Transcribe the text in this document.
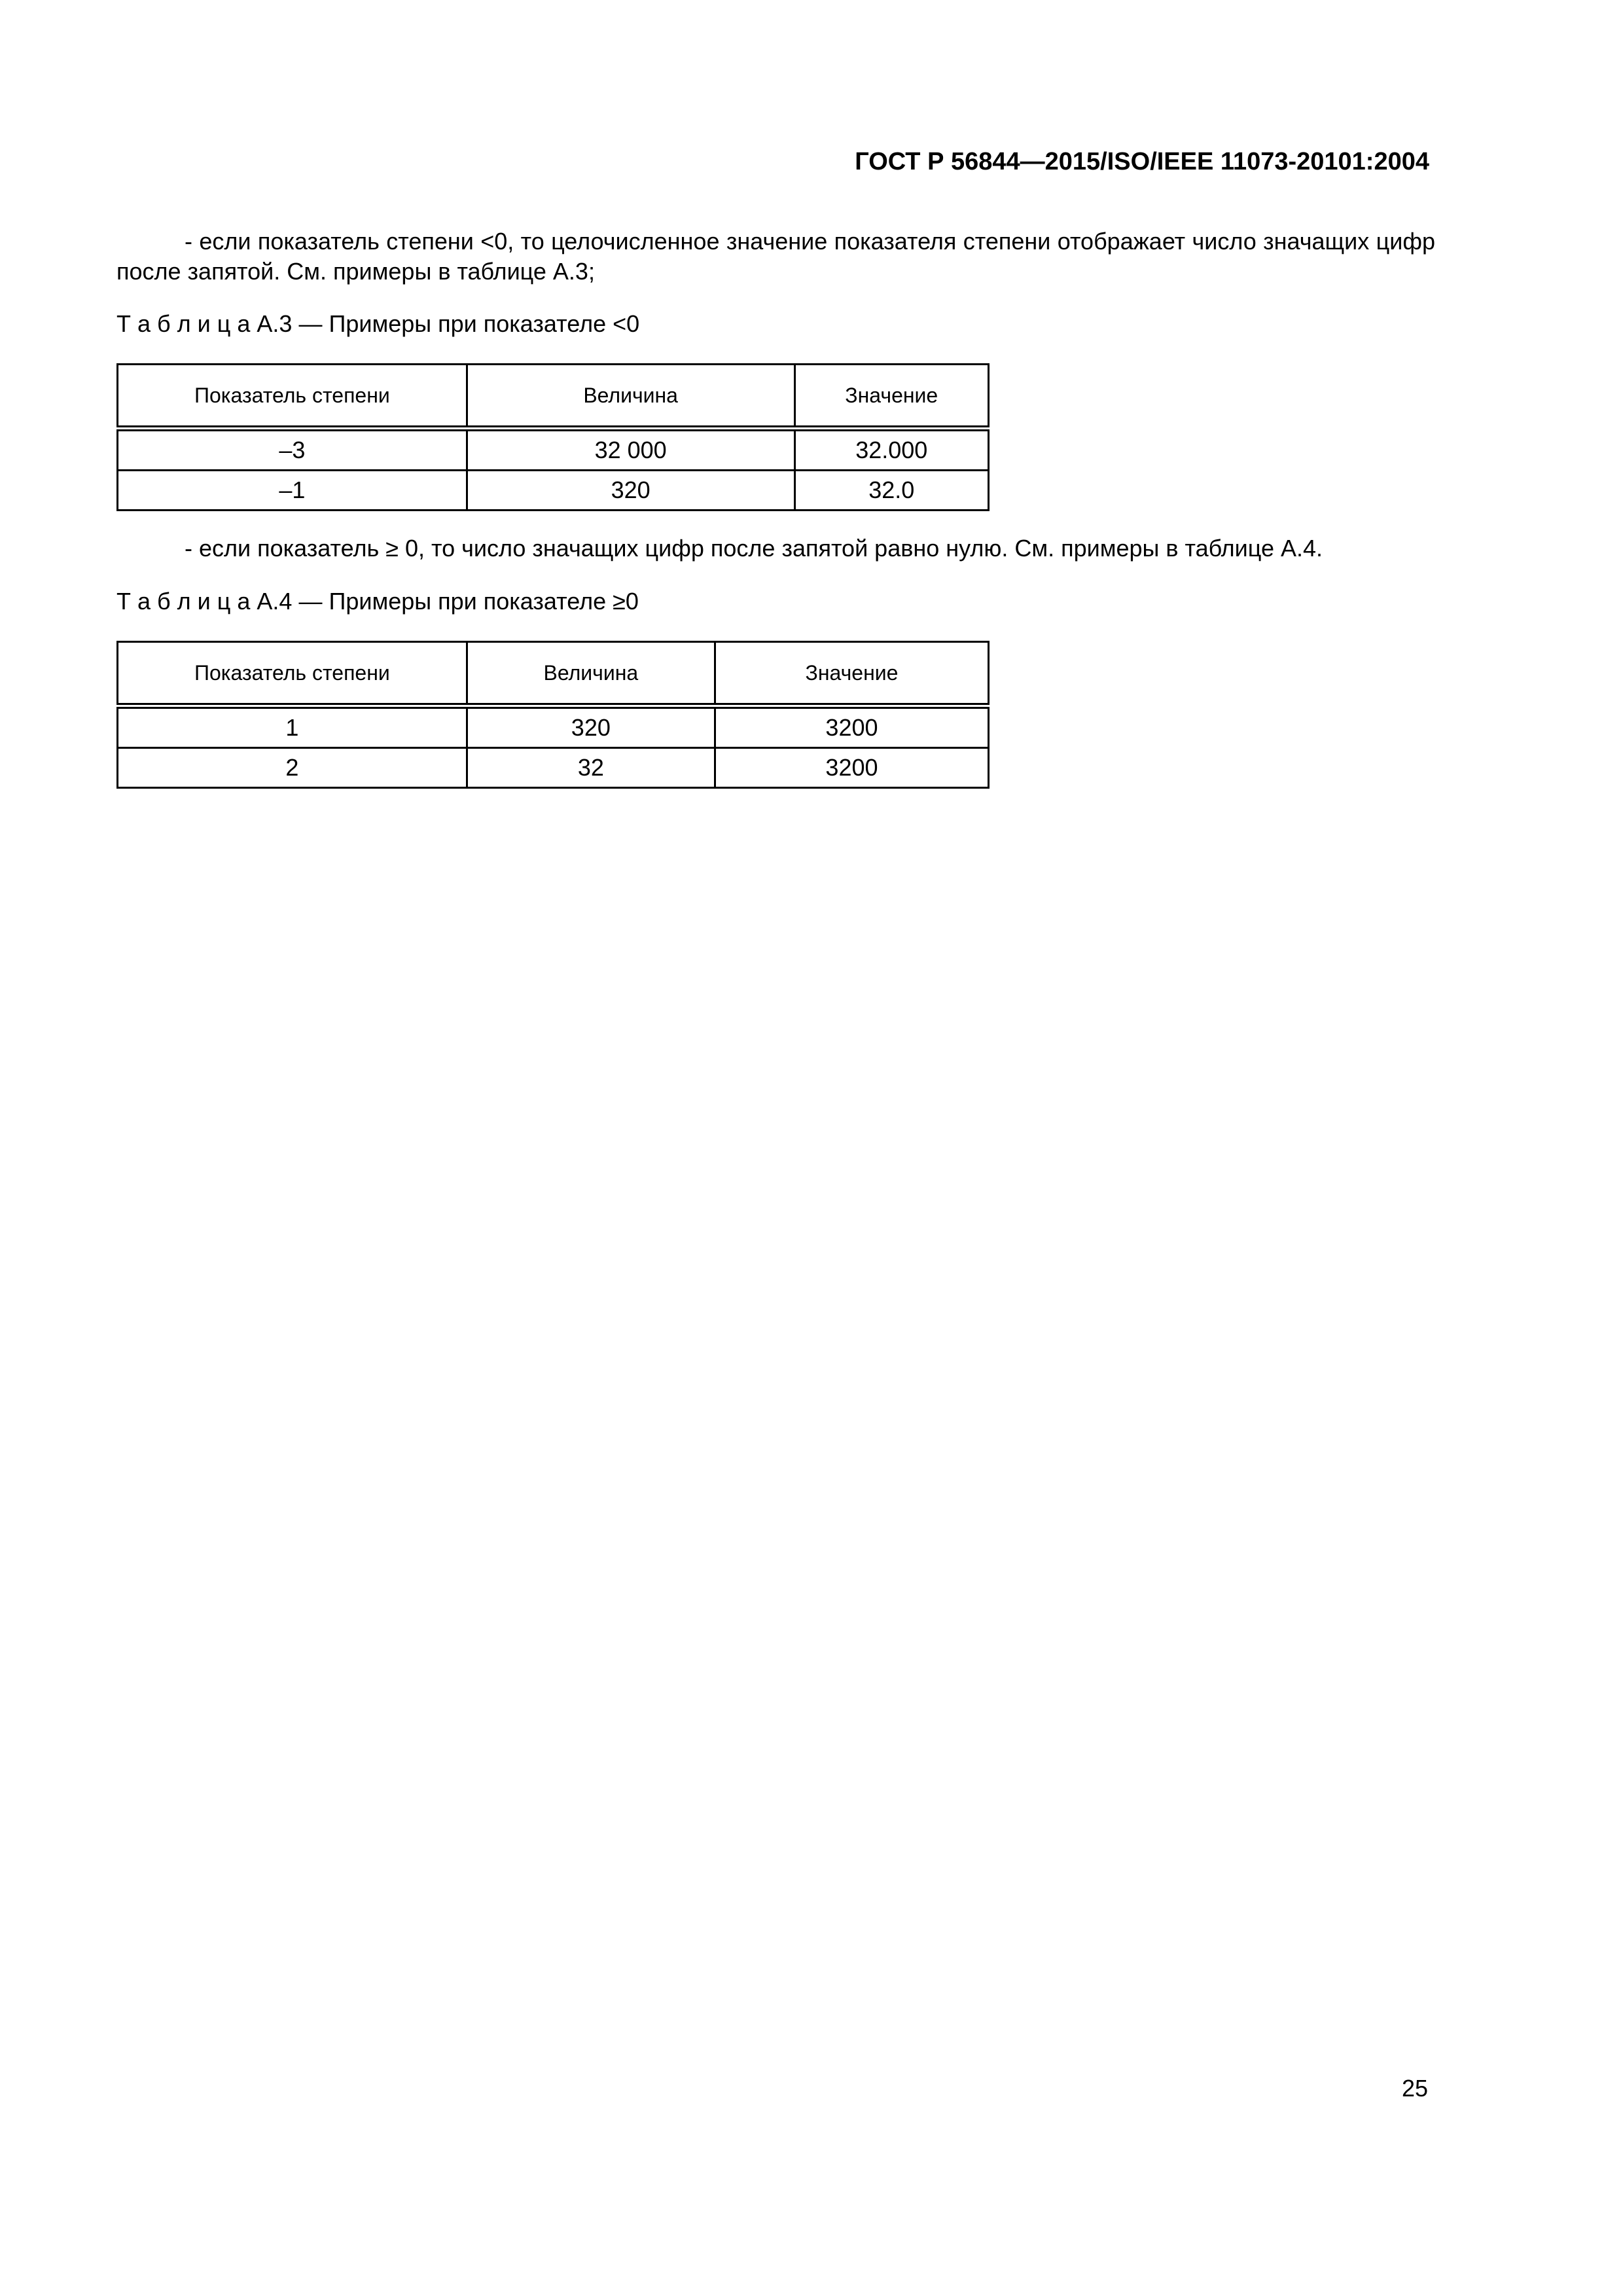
ГОСТ Р 56844—2015/ISO/IEEE 11073-20101:2004

- если показатель степени <0, то целочисленное значение показателя степени отображает число значащих цифр после запятой. См. примеры в таблице А.3;

Т а б л и ц а А.3 — Примеры при показателе <0
Показатель степени	Величина	Значение
–3	32 000	32.000
–1	320	32.0

- если показатель ≥ 0, то число значащих цифр после запятой равно нулю. См. примеры в таблице А.4.

Т а б л и ц а А.4 — Примеры при показателе ≥0
Показатель степени	Величина	Значение
1	320	3200
2	32	3200
25
